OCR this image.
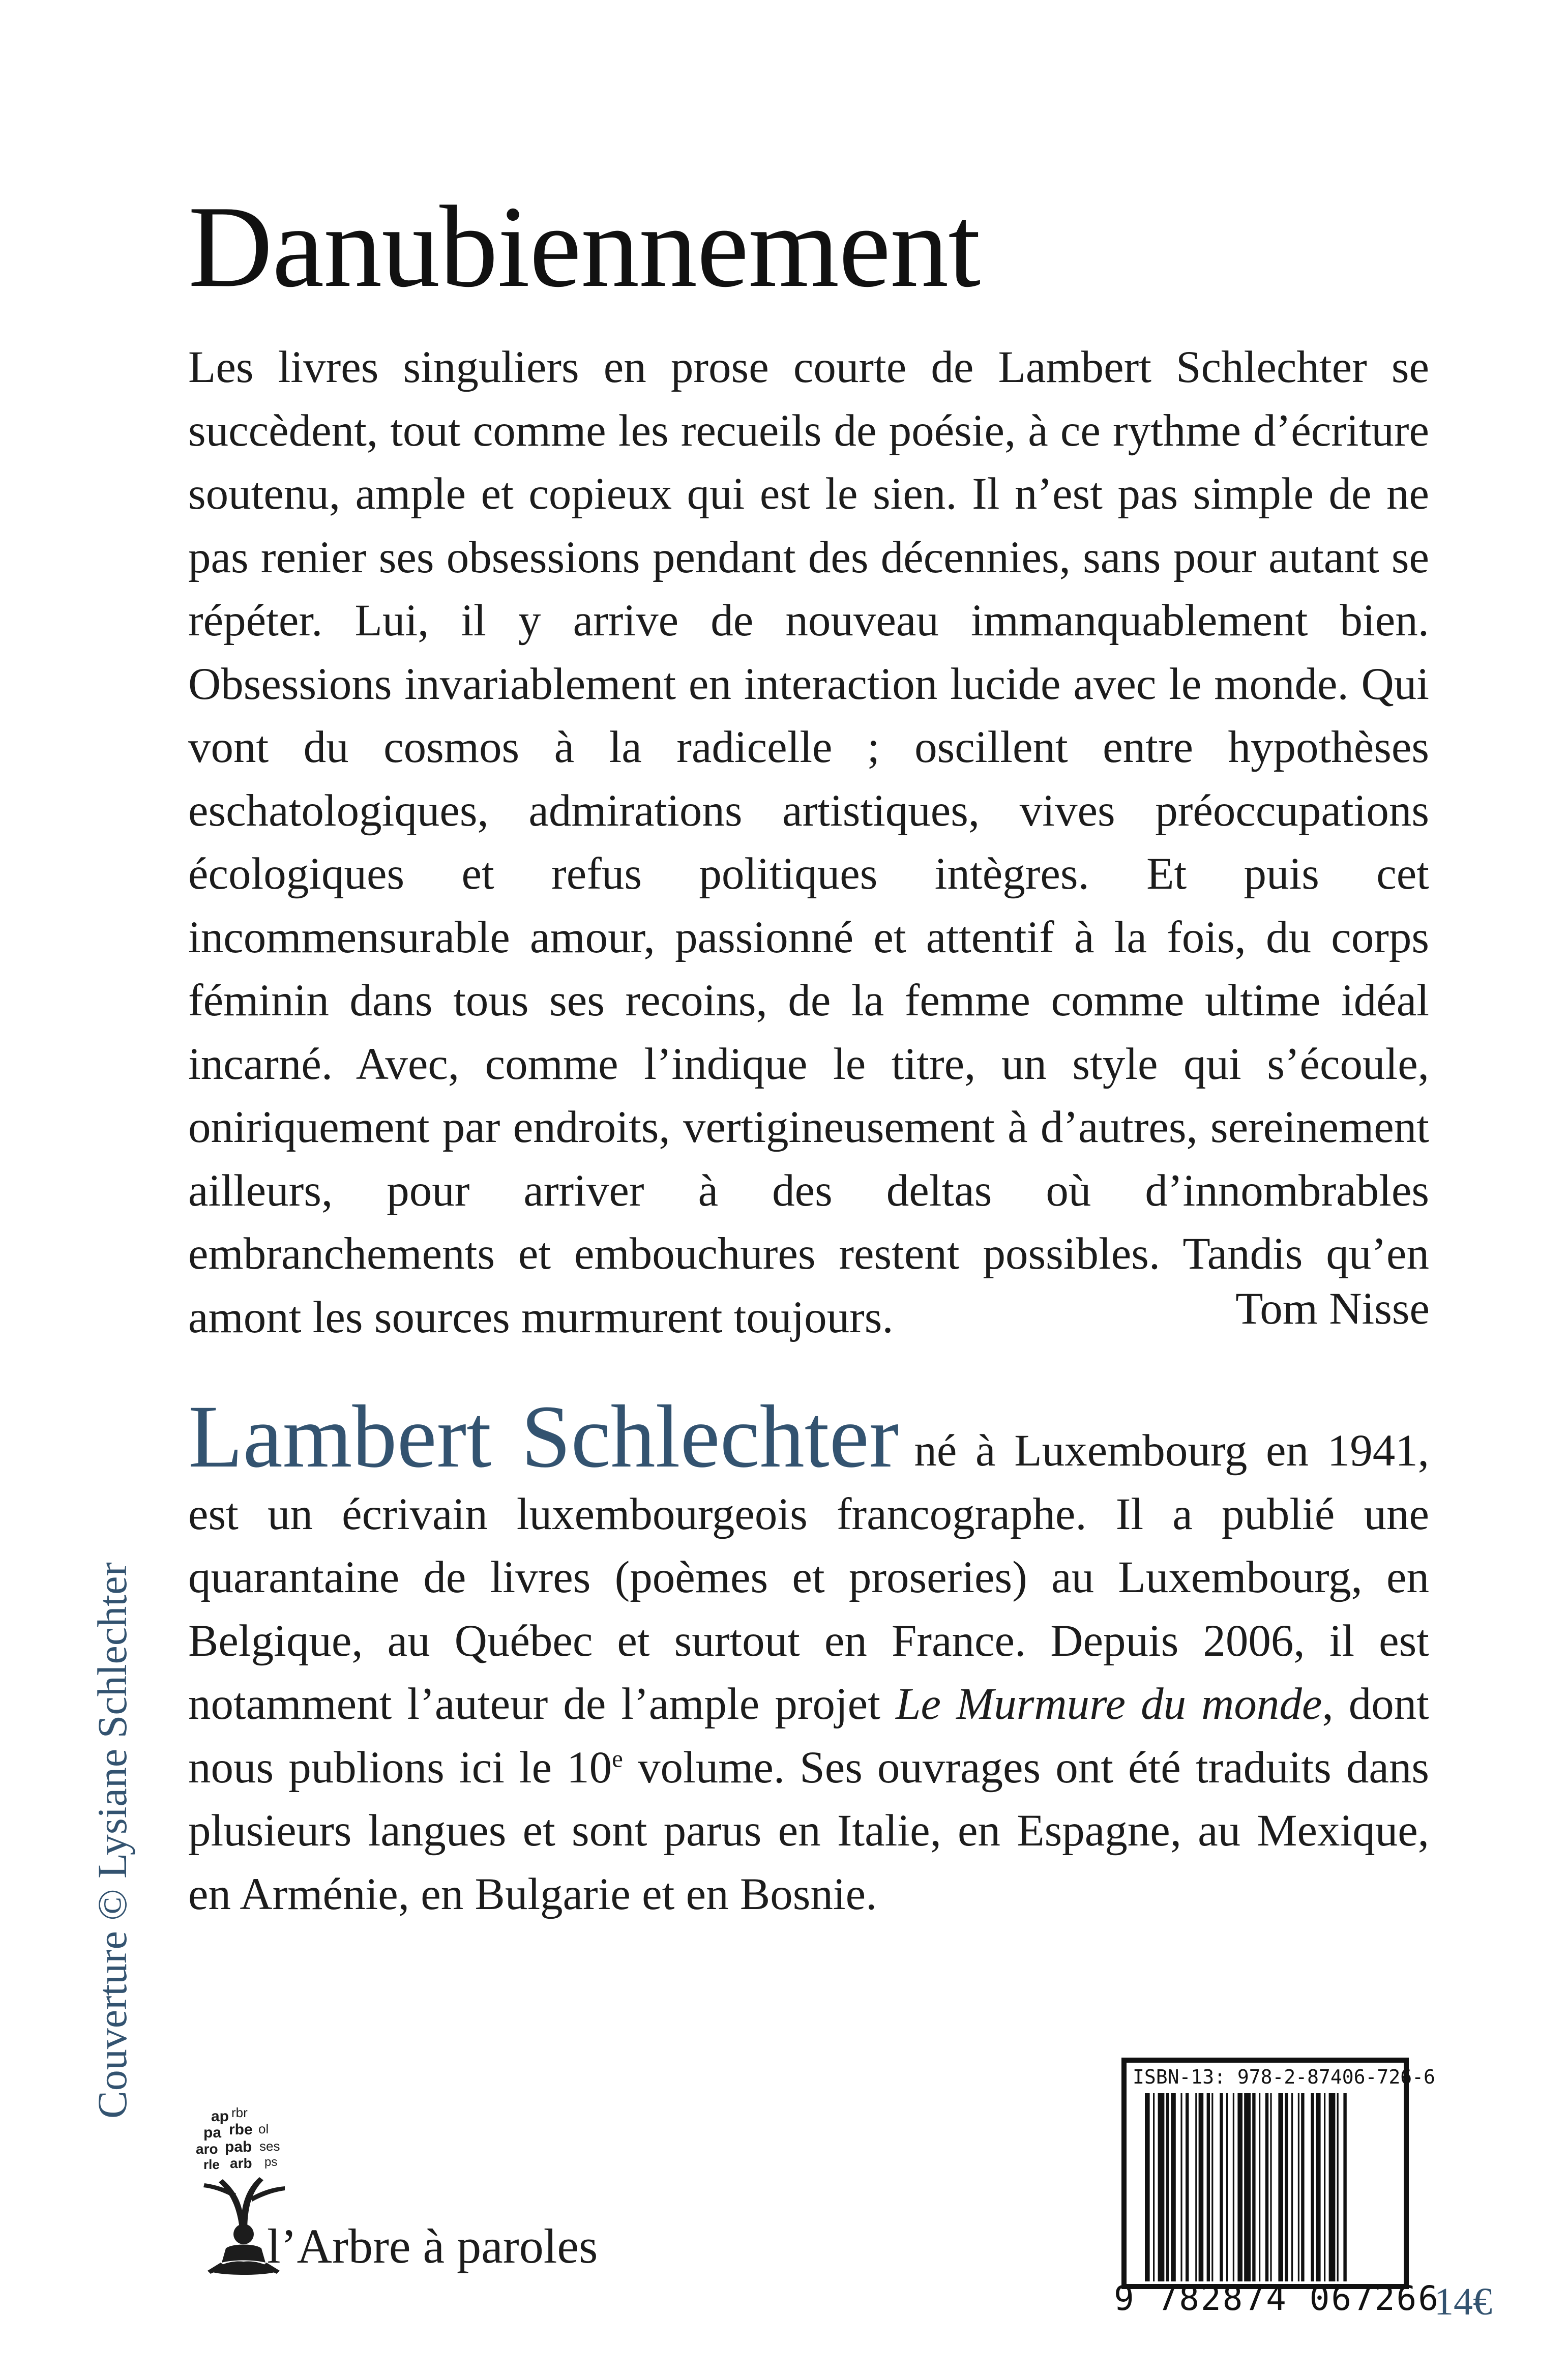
Danubiennement

Les livres singuliers en prose courte de Lambert Schlechter se succèdent, tout comme les recueils de poésie, à ce rythme d’écriture soutenu, ample et copieux qui est le sien. Il n’est pas simple de ne pas renier ses obsessions pendant des décennies, sans pour autant se répéter. Lui, il y arrive de nouveau immanquablement bien. Obsessions invariablement en interaction lucide avec le monde. Qui vont du cosmos à la radicelle ; oscillent entre hypothèses eschatologiques, admirations artistiques, vives préoccupations écologiques et refus politiques intègres. Et puis cet incommensurable amour, passionné et attentif à la fois, du corps féminin dans tous ses recoins, de la femme comme ultime idéal incarné. Avec, comme l’indique le titre, un style qui s’écoule, oniriquement par endroits, vertigineusement à d’autres, sereinement ailleurs, pour arriver à des deltas où d’innombrables embranchements et embouchures restent possibles. Tandis qu’en amont les sources murmurent toujours.	Tom Nisse

Lambert Schlechter né à Luxembourg en 1941, est un écrivain luxembourgeois francographe. Il a publié une quarantaine de livres (poèmes et proseries) au Luxembourg, en Belgique, au Québec et surtout en France. Depuis 2006, il est notamment l’auteur de l’ample projet Le Murmure du monde, dont nous publions ici le 10e volume. Ses ouvrages ont été traduits dans plusieurs langues et sont parus en Italie, en Espagne, au Mexique, en Arménie, en Bulgarie et en Bosnie.

Couverture © Lysiane Schlechter	ap rbr
pa rbe ol
aro pab ses
rle arb ps
l’Arbre à paroles
ISBN-13: 978-2-87406-726-6
9 782874 067266
14€
